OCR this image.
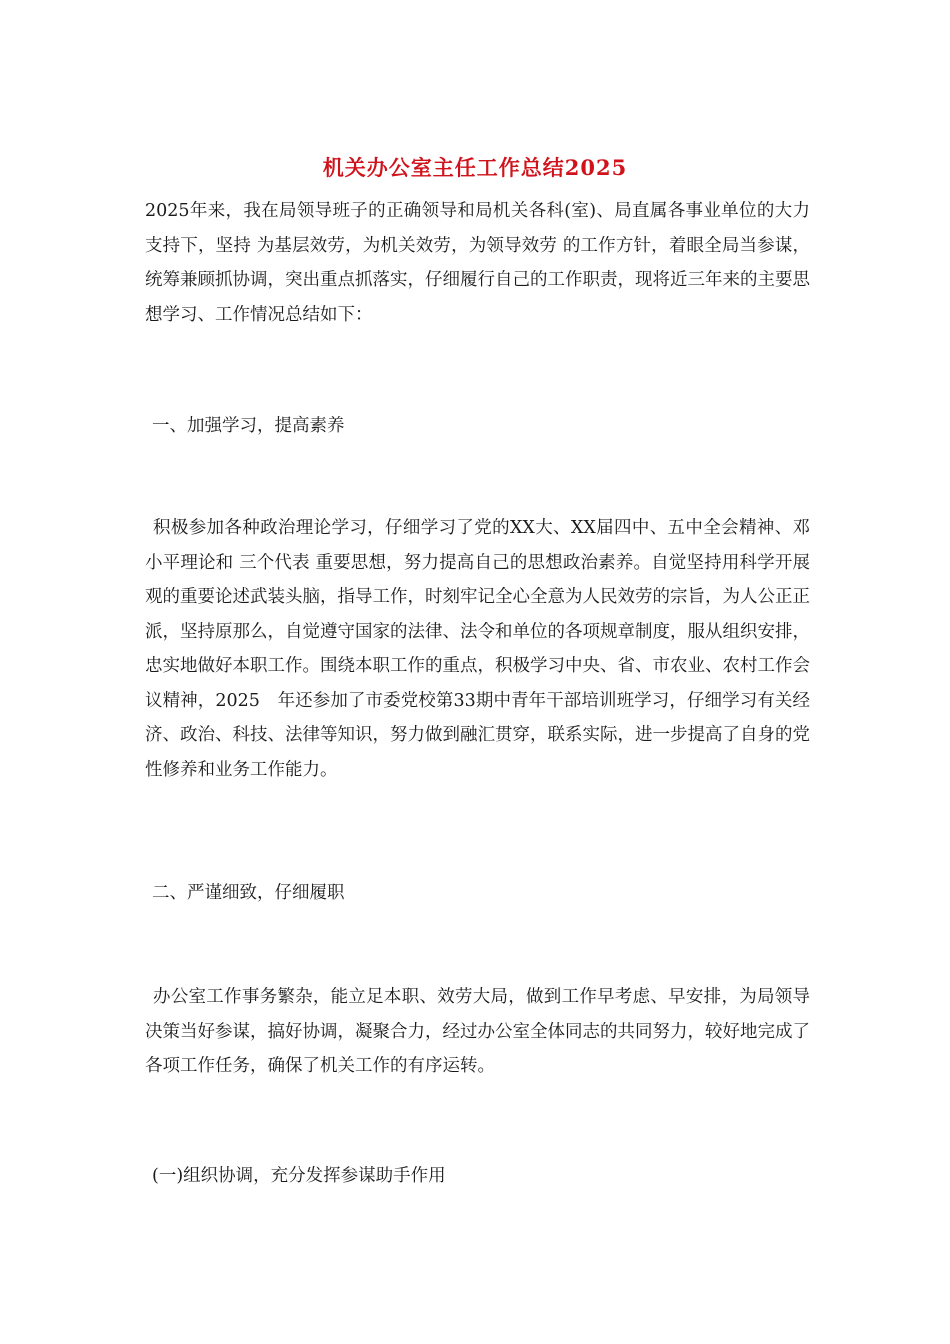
机关办公室主任工作总结2025

2025年来，我在局领导班子的正确领导和局机关各科(室)、局直属各事业单位的大力支持下，坚持 为基层效劳，为机关效劳，为领导效劳 的工作方针，着眼全局当参谋，统筹兼顾抓协调，突出重点抓落实，仔细履行自己的工作职责，现将近三年来的主要思想学习、工作情况总结如下：

一、加强学习，提高素养

积极参加各种政治理论学习，仔细学习了党的XX大、XX届四中、五中全会精神、邓小平理论和 三个代表 重要思想，努力提高自己的思想政治素养。自觉坚持用科学开展观的重要论述武装头脑，指导工作，时刻牢记全心全意为人民效劳的宗旨，为人公正正派，坚持原那么，自觉遵守国家的法律、法令和单位的各项规章制度，服从组织安排，忠实地做好本职工作。围绕本职工作的重点，积极学习中央、省、市农业、农村工作会议精神，2025　年还参加了市委党校第33期中青年干部培训班学习，仔细学习有关经济、政治、科技、法律等知识，努力做到融汇贯穿，联系实际，进一步提高了自身的党性修养和业务工作能力。

二、严谨细致，仔细履职

办公室工作事务繁杂，能立足本职、效劳大局，做到工作早考虑、早安排，为局领导决策当好参谋，搞好协调，凝聚合力，经过办公室全体同志的共同努力，较好地完成了各项工作任务，确保了机关工作的有序运转。

(一)组织协调，充分发挥参谋助手作用
